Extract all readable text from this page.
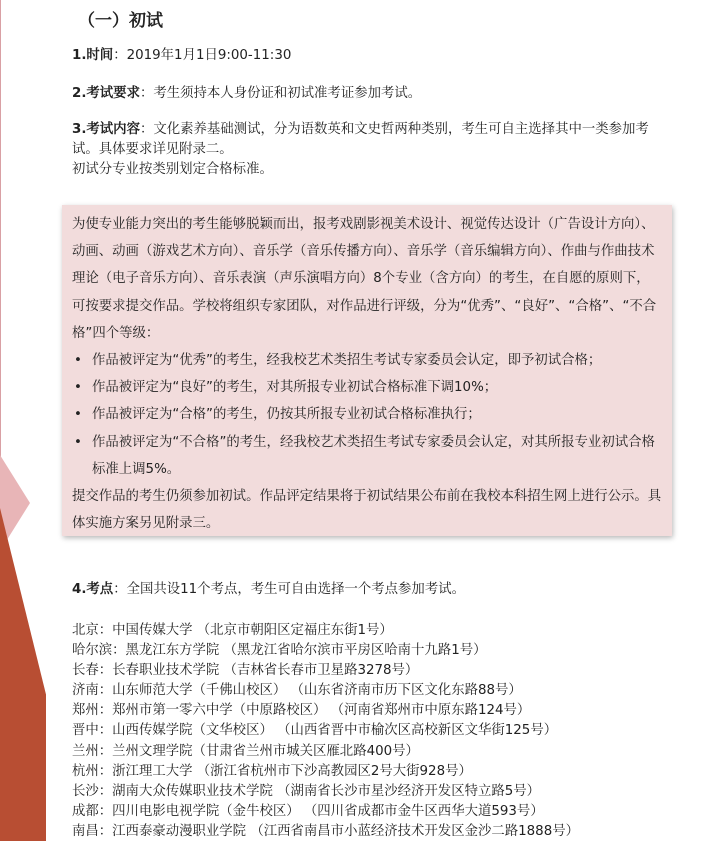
（一）初试
1.时间：2019年1月1日9:00-11:30
2.考试要求：考生须持本人身份证和初试准考证参加考试。
3.考试内容：文化素养基础测试，分为语数英和文史哲两种类别，考生可自主选择其中一类参加考试。具体要求详见附录二。
初试分专业按类别划定合格标准。

为使专业能力突出的考生能够脱颖而出，报考戏剧影视美术设计、视觉传达设计（广告设计方向）、动画、动画（游戏艺术方向）、音乐学（音乐传播方向）、音乐学（音乐编辑方向）、作曲与作曲技术理论（电子音乐方向）、音乐表演（声乐演唱方向）8个专业（含方向）的考生，在自愿的原则下，可按要求提交作品。学校将组织专家团队，对作品进行评级，分为“优秀”、“良好”、“合格”、“不合格”四个等级：

• 作品被评定为“优秀”的考生，经我校艺术类招生考试专家委员会认定，即予初试合格；
• 作品被评定为“良好”的考生，对其所报专业初试合格标准下调10%；
• 作品被评定为“合格”的考生，仍按其所报专业初试合格标准执行；
• 作品被评定为“不合格”的考生，经我校艺术类招生考试专家委员会认定，对其所报专业初试合格标准上调5%。

提交作品的考生仍须参加初试。作品评定结果将于初试结果公布前在我校本科招生网上进行公示。具体实施方案另见附录三。

4.考点：全国共设11个考点，考生可自由选择一个考点参加考试。
北京：中国传媒大学 （北京市朝阳区定福庄东街1号）
哈尔滨：黑龙江东方学院 （黑龙江省哈尔滨市平房区哈南十九路1号）
长春：长春职业技术学院 （吉林省长春市卫星路3278号）
济南：山东师范大学（千佛山校区） （山东省济南市历下区文化东路88号）
郑州：郑州市第一零六中学（中原路校区） （河南省郑州市中原东路124号）
晋中：山西传媒学院（文华校区） （山西省晋中市榆次区高校新区文华街125号）
兰州：兰州文理学院（甘肃省兰州市城关区雁北路400号）
杭州：浙江理工大学 （浙江省杭州市下沙高教园区2号大街928号）
长沙：湖南大众传媒职业技术学院 （湖南省长沙市星沙经济开发区特立路5号）
成都：四川电影电视学院（金牛校区） （四川省成都市金牛区西华大道593号）
南昌：江西泰豪动漫职业学院 （江西省南昌市小蓝经济技术开发区金沙二路1888号）
